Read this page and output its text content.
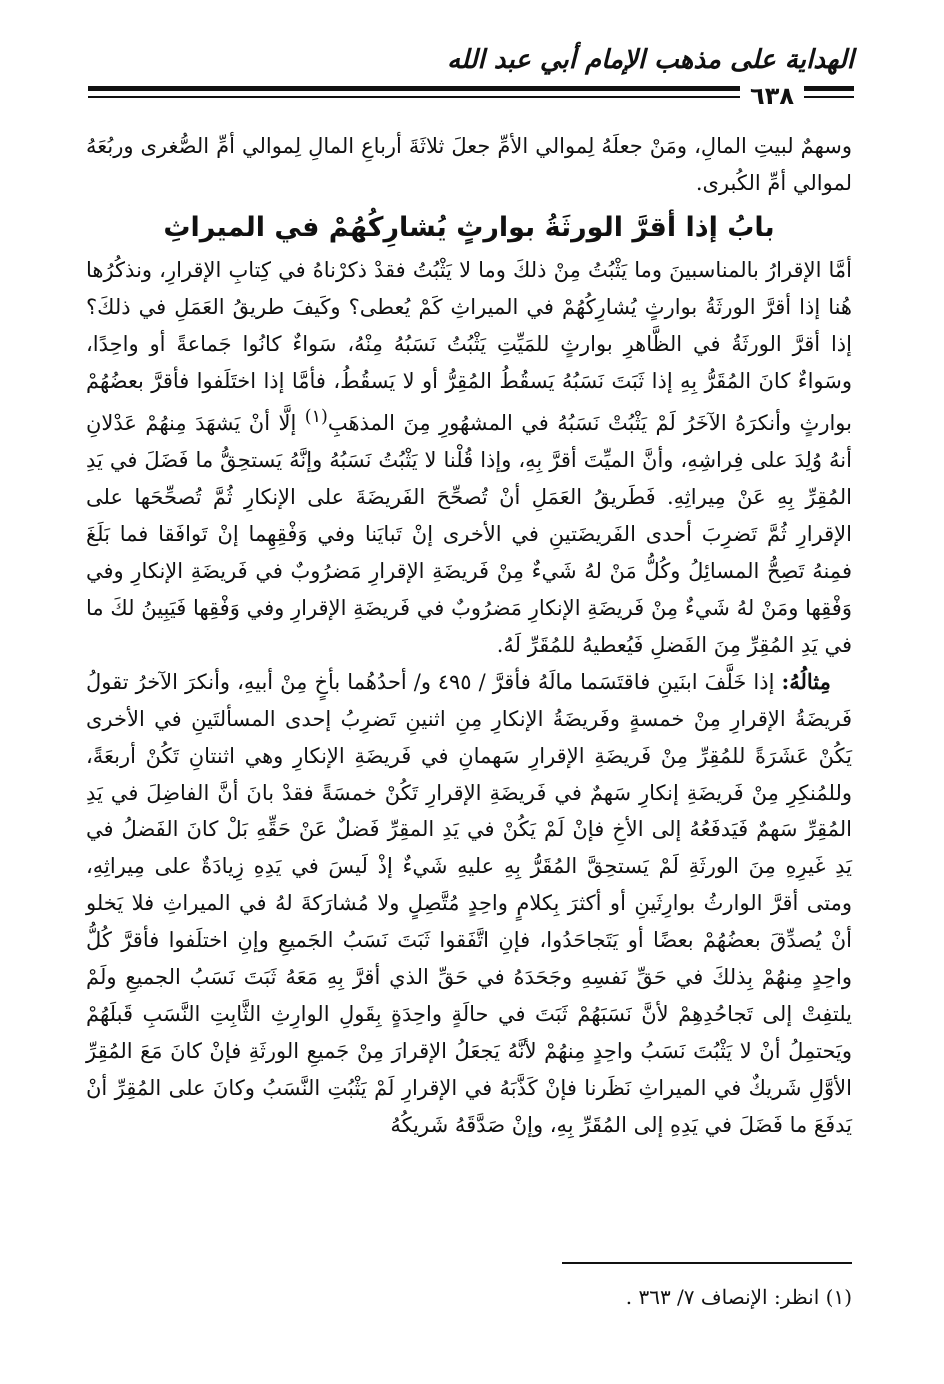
الهداية على مذهب الإمام أبي عبد الله
٦٣٨

وسهمٌ لبيتِ المالِ، ومَنْ جعلَهُ لِموالي الأمِّ جعلَ ثلاثَةَ أرباعِ المالِ لِموالي أمِّ الصُّغرى وربُعَهُ لموالي أمِّ الكُبرى.

بابُ إذا أقرَّ الورثَةُ بوارثٍ يُشارِكُهُمْ في الميراثِ

أمَّا الإقرارُ بالمناسبينَ وما يَثْبُتُ مِنْ ذلكَ وما لا يَثْبُتُ فقدْ ذكرْناهُ في كِتابِ الإقرارِ، ونذكُرُها هُنا إذا أقرَّ الورثَةُ بوارثٍ يُشارِكُهُمْ في الميراثِ كَمْ يُعطى؟ وكَيفَ طريقُ العَمَلِ في ذلكَ؟ إذا أقرَّ الورثَةُ في الظَّاهرِ بوارثٍ للمَيِّتِ يَثْبُتُ نَسَبُهُ مِنْهُ، سَواءٌ كانُوا جَماعةً أو واحِدًا، وسَواءٌ كانَ المُقَرُّ بِهِ إذا ثَبَتَ نَسَبُهُ يَسقُطُ المُقِرُّ أو لا يَسقُطُ، فأمَّا إذا اختَلَفوا فأقرَّ بعضُهُمْ بوارثٍ وأنكرَهُ الآخَرُ لَمْ يَثْبُتْ نَسَبُهُ في المشهُورِ مِنَ المذهَبِ$^{(١)}$ إلَّا أنْ يَشهَدَ مِنهُمْ عَدْلانِ أنهُ وُلِدَ على فِراشِهِ، وأنَّ الميِّتَ أقرَّ بِهِ، وإذا قُلْنا لا يَثْبُتُ نَسَبُهُ وإنَّهُ يَستحِقُّ ما فَضَلَ في يَدِ المُقِرِّ بِهِ عَنْ مِيراثِهِ. فَطَريقُ العَمَلِ أنْ تُصحِّحَ الفَريضَةَ على الإنكارِ ثُمَّ تُصحِّحَها على الإقرارِ ثُمَّ تَضرِبَ أحدى الفَريضَتينِ في الأخرى إنْ تَبايَنا وفي وَفْقِهِما إنْ تَوافَقا فما بَلَغَ فمِنهُ تَصِحُّ المسائِلُ وكُلُّ مَنْ لهُ شَيءٌ مِنْ فَريضَةِ الإقرارِ مَضرُوبٌ في فَريضَةِ الإنكارِ وفي وَفْقِها ومَنْ لهُ شَيءٌ مِنْ فَريضَةِ الإنكارِ مَضرُوبٌ في فَريضَةِ الإقرارِ وفي وَفْقِها فَيَبِينُ لكَ ما في يَدِ المُقِرِّ مِنَ الفَضلِ فَيُعطيهُ للمُقَرِّ لَهُ.

مِثالُهُ: إذا خَلَّفَ ابنَينِ فاقتَسَما مالَهُ فأقرَّ / ٤٩٥ و/ أحدُهُما بأخٍ مِنْ أبيهِ، وأنكرَ الآخرُ تقولُ فَريضَةُ الإقرارِ مِنْ خمسةٍ وفَريضَةُ الإنكارِ مِنِ اثنينِ تَضرِبُ إحدى المسألتَينِ في الأخرى يَكُنْ عَشَرَةً للمُقِرِّ مِنْ فَريضَةِ الإقرارِ سَهمانِ في فَريضَةِ الإنكارِ وهي اثنتانِ تَكُنْ أربعَةً، وللمُنكِرِ مِنْ فَريضَةِ إنكارِ سَهمٌ في فَريضَةِ الإقرارِ تَكُنْ خمسَةً فقدْ بانَ أنَّ الفاضِلَ في يَدِ المُقِرِّ سَهمٌ فَيَدفَعُهُ إلى الأخِ فإنْ لَمْ يَكُنْ في يَدِ المقِرِّ فَضلٌ عَنْ حَقِّهِ بَلْ كانَ الفَضلُ في يَدِ غَيرِهِ مِنَ الورثَةِ لَمْ يَستحِقَّ المُقَرُّ بِهِ عليهِ شَيءٌ إذْ لَيسَ في يَدِهِ زِيادَةٌ على مِيراثِهِ، ومتى أقرَّ الوارثُ بوارِثَينِ أو أكثرَ بِكلامٍ واحِدٍ مُتَّصِلٍ ولا مُشارَكةَ لهُ في الميراثِ فلا يَخلو أنْ يُصدِّقَ بعضُهُمْ بعضًا أو يَتَجاحَدُوا، فإنِ اتَّفَقوا ثَبَتَ نَسَبُ الجَميعِ وإنِ اختلَفوا فأقرَّ كُلُّ واحِدٍ مِنهُمْ بِذلكَ في حَقِّ نَفسِهِ وجَحَدَهُ في حَقِّ الذي أقرَّ بِهِ مَعَهُ ثَبَتَ نَسَبُ الجميعِ ولَمْ يلتفِتْ إلى تَجاحُدِهِمْ لأنَّ نَسَبَهُمْ ثَبَتَ في حالَةٍ واحِدَةٍ بِقَولِ الوارِثِ الثَّابِتِ النَّسَبِ قَبلَهُمْ ويَحتمِلُ أنْ لا يَثْبُتَ نَسَبُ واحِدٍ مِنهُمْ لأنَّهُ يَجعَلُ الإقرارَ مِنْ جَميعِ الورثَةِ فإنْ كانَ مَعَ المُقِرِّ الأوَّلِ شَريكٌ في الميراثِ نَظَرنا فإنْ كَذَّبَهُ في الإقرارِ لَمْ يَثْبُتِ النَّسَبُ وكانَ على المُقِرِّ أنْ يَدفَعَ ما فَضَلَ في يَدِهِ إلى المُقَرِّ بِهِ، وإنْ صَدَّقَهُ شَريكُهُ

(١) انظر: الإنصاف ٧/ ٣٦٣ .
